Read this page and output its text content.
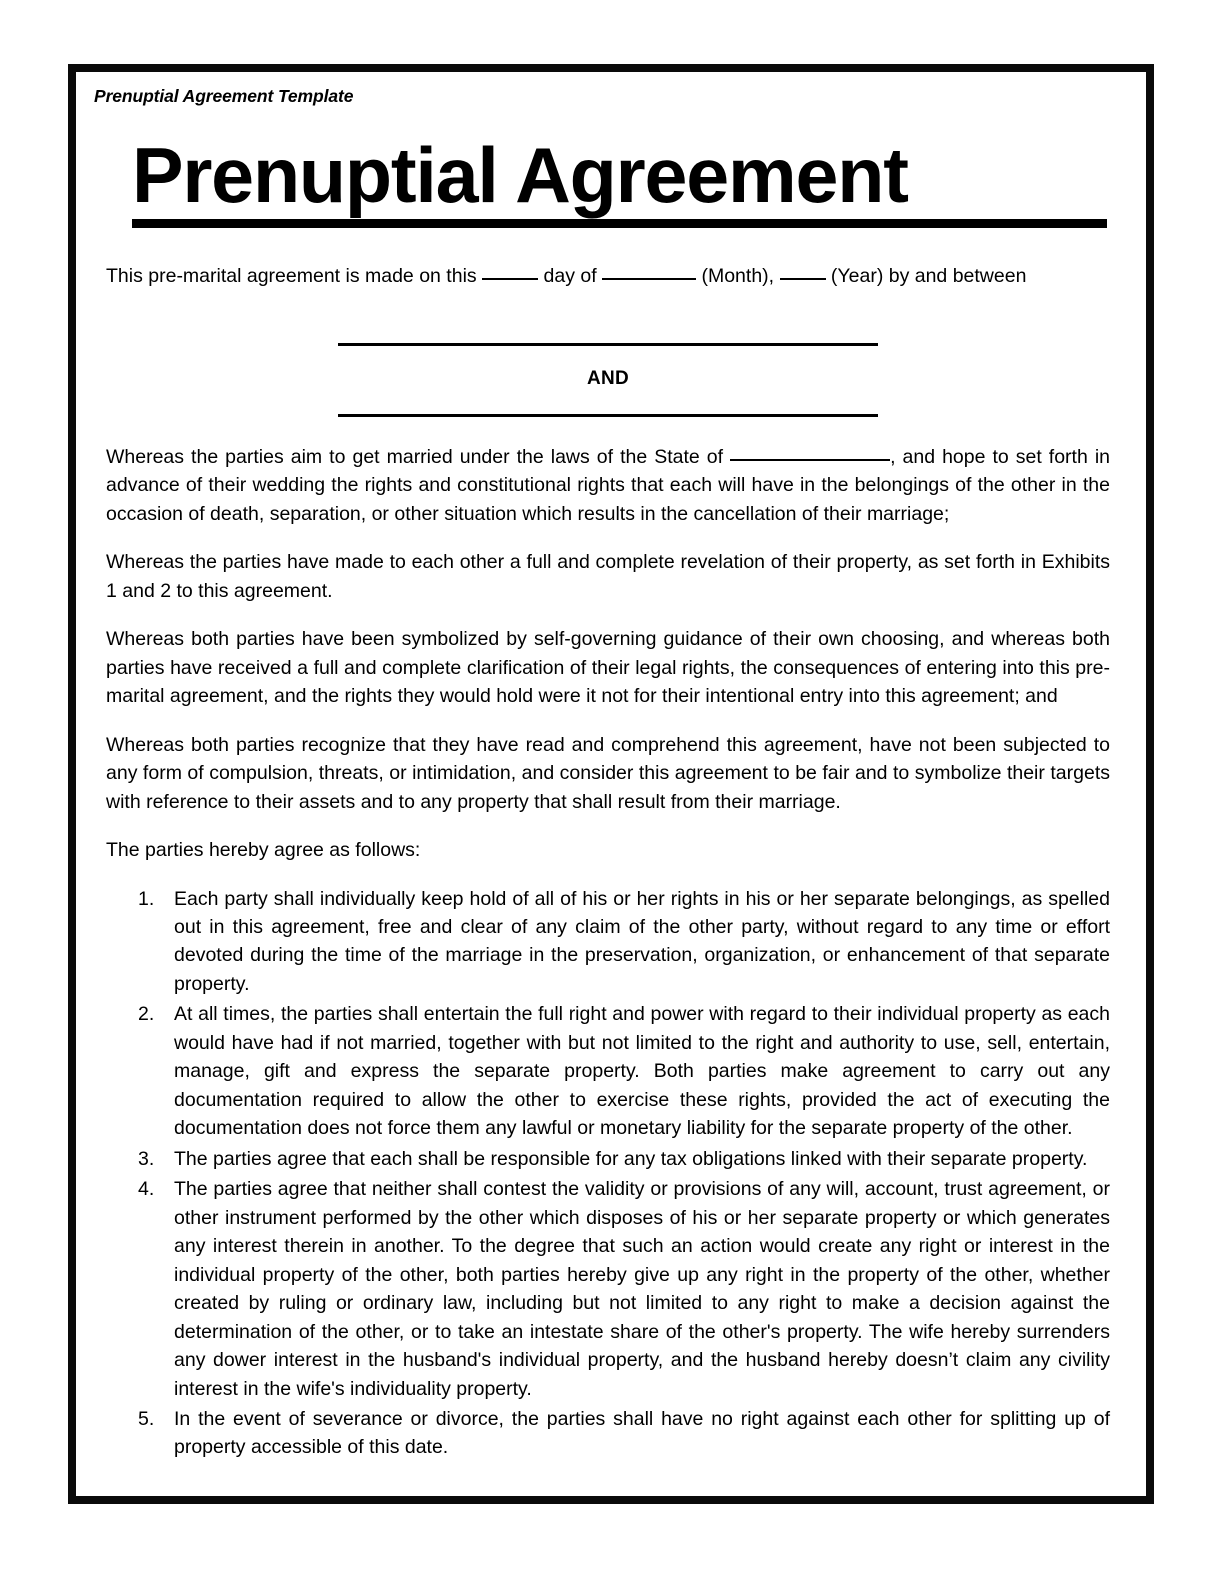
Prenuptial Agreement Template
Prenuptial Agreement

This pre-marital agreement is made on this	day of	(Month),	(Year) by and between

AND

Whereas the parties aim to get married under the laws of the State of	, and hope to set forth in advance of their wedding the rights and constitutional rights that each will have in the belongings of the other in the occasion of death, separation, or other situation which results in the cancellation of their marriage;

Whereas the parties have made to each other a full and complete revelation of their property, as set forth in Exhibits 1 and 2 to this agreement.

Whereas both parties have been symbolized by self-governing guidance of their own choosing, and whereas both parties have received a full and complete clarification of their legal rights, the consequences of entering into this pre-marital agreement, and the rights they would hold were it not for their intentional entry into this agreement; and

Whereas both parties recognize that they have read and comprehend this agreement, have not been subjected to any form of compulsion, threats, or intimidation, and consider this agreement to be fair and to symbolize their targets with reference to their assets and to any property that shall result from their marriage.

The parties hereby agree as follows:

Each party shall individually keep hold of all of his or her rights in his or her separate belongings, as spelled out in this agreement, free and clear of any claim of the other party, without regard to any time or effort devoted during the time of the marriage in the preservation, organization, or enhancement of that separate property.
At all times, the parties shall entertain the full right and power with regard to their individual property as each would have had if not married, together with but not limited to the right and authority to use, sell, entertain, manage, gift and express the separate property. Both parties make agreement to carry out any documentation required to allow the other to exercise these rights, provided the act of executing the documentation does not force them any lawful or monetary liability for the separate property of the other.
The parties agree that each shall be responsible for any tax obligations linked with their separate property.
The parties agree that neither shall contest the validity or provisions of any will, account, trust agreement, or other instrument performed by the other which disposes of his or her separate property or which generates any interest therein in another. To the degree that such an action would create any right or interest in the individual property of the other, both parties hereby give up any right in the property of the other, whether created by ruling or ordinary law, including but not limited to any right to make a decision against the determination of the other, or to take an intestate share of the other's property. The wife hereby surrenders any dower interest in the husband's individual property, and the husband hereby doesn’t claim any civility interest in the wife's individuality property.
In the event of severance or divorce, the parties shall have no right against each other for splitting up of property accessible of this date.
